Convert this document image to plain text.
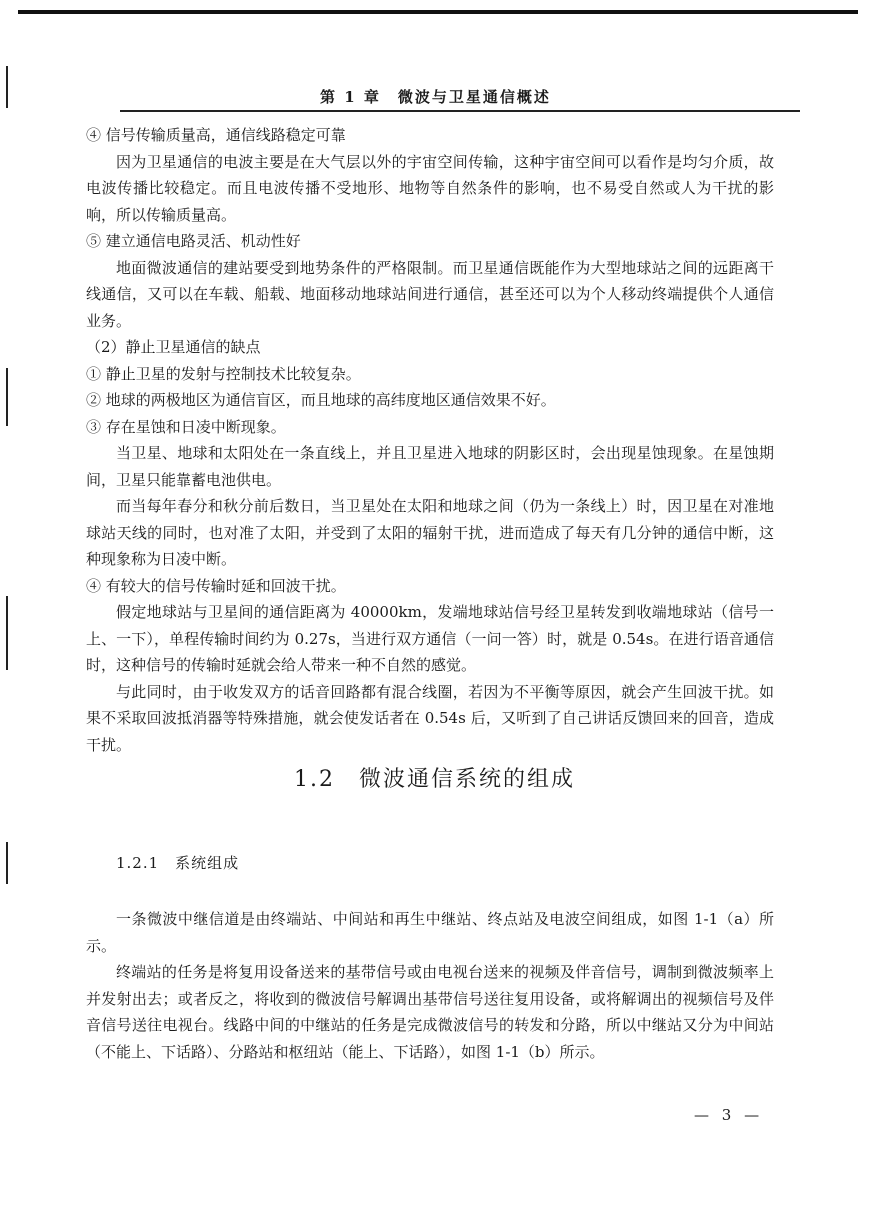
第 1 章　微波与卫星通信概述

④ 信号传输质量高，通信线路稳定可靠

因为卫星通信的电波主要是在大气层以外的宇宙空间传输，这种宇宙空间可以看作是均匀介质，故电波传播比较稳定。而且电波传播不受地形、地物等自然条件的影响，也不易受自然或人为干扰的影响，所以传输质量高。

⑤ 建立通信电路灵活、机动性好

地面微波通信的建站要受到地势条件的严格限制。而卫星通信既能作为大型地球站之间的远距离干线通信，又可以在车载、船载、地面移动地球站间进行通信，甚至还可以为个人移动终端提供个人通信业务。

（2）静止卫星通信的缺点

① 静止卫星的发射与控制技术比较复杂。

② 地球的两极地区为通信盲区，而且地球的高纬度地区通信效果不好。

③ 存在星蚀和日凌中断现象。

当卫星、地球和太阳处在一条直线上，并且卫星进入地球的阴影区时，会出现星蚀现象。在星蚀期间，卫星只能靠蓄电池供电。

而当每年春分和秋分前后数日，当卫星处在太阳和地球之间（仍为一条线上）时，因卫星在对准地球站天线的同时，也对准了太阳，并受到了太阳的辐射干扰，进而造成了每天有几分钟的通信中断，这种现象称为日凌中断。

④ 有较大的信号传输时延和回波干扰。

假定地球站与卫星间的通信距离为 40000km，发端地球站信号经卫星转发到收端地球站（信号一上、一下），单程传输时间约为 0.27s，当进行双方通信（一问一答）时，就是 0.54s。在进行语音通信时，这种信号的传输时延就会给人带来一种不自然的感觉。

与此同时，由于收发双方的话音回路都有混合线圈，若因为不平衡等原因，就会产生回波干扰。如果不采取回波抵消器等特殊措施，就会使发话者在 0.54s 后，又听到了自己讲话反馈回来的回音，造成干扰。

1.2　微波通信系统的组成
1.2.1　系统组成

一条微波中继信道是由终端站、中间站和再生中继站、终点站及电波空间组成，如图 1-1（a）所示。

终端站的任务是将复用设备送来的基带信号或由电视台送来的视频及伴音信号，调制到微波频率上并发射出去；或者反之，将收到的微波信号解调出基带信号送往复用设备，或将解调出的视频信号及伴音信号送往电视台。线路中间的中继站的任务是完成微波信号的转发和分路，所以中继站又分为中间站（不能上、下话路）、分路站和枢纽站（能上、下话路），如图 1-1（b）所示。

— 3 —
